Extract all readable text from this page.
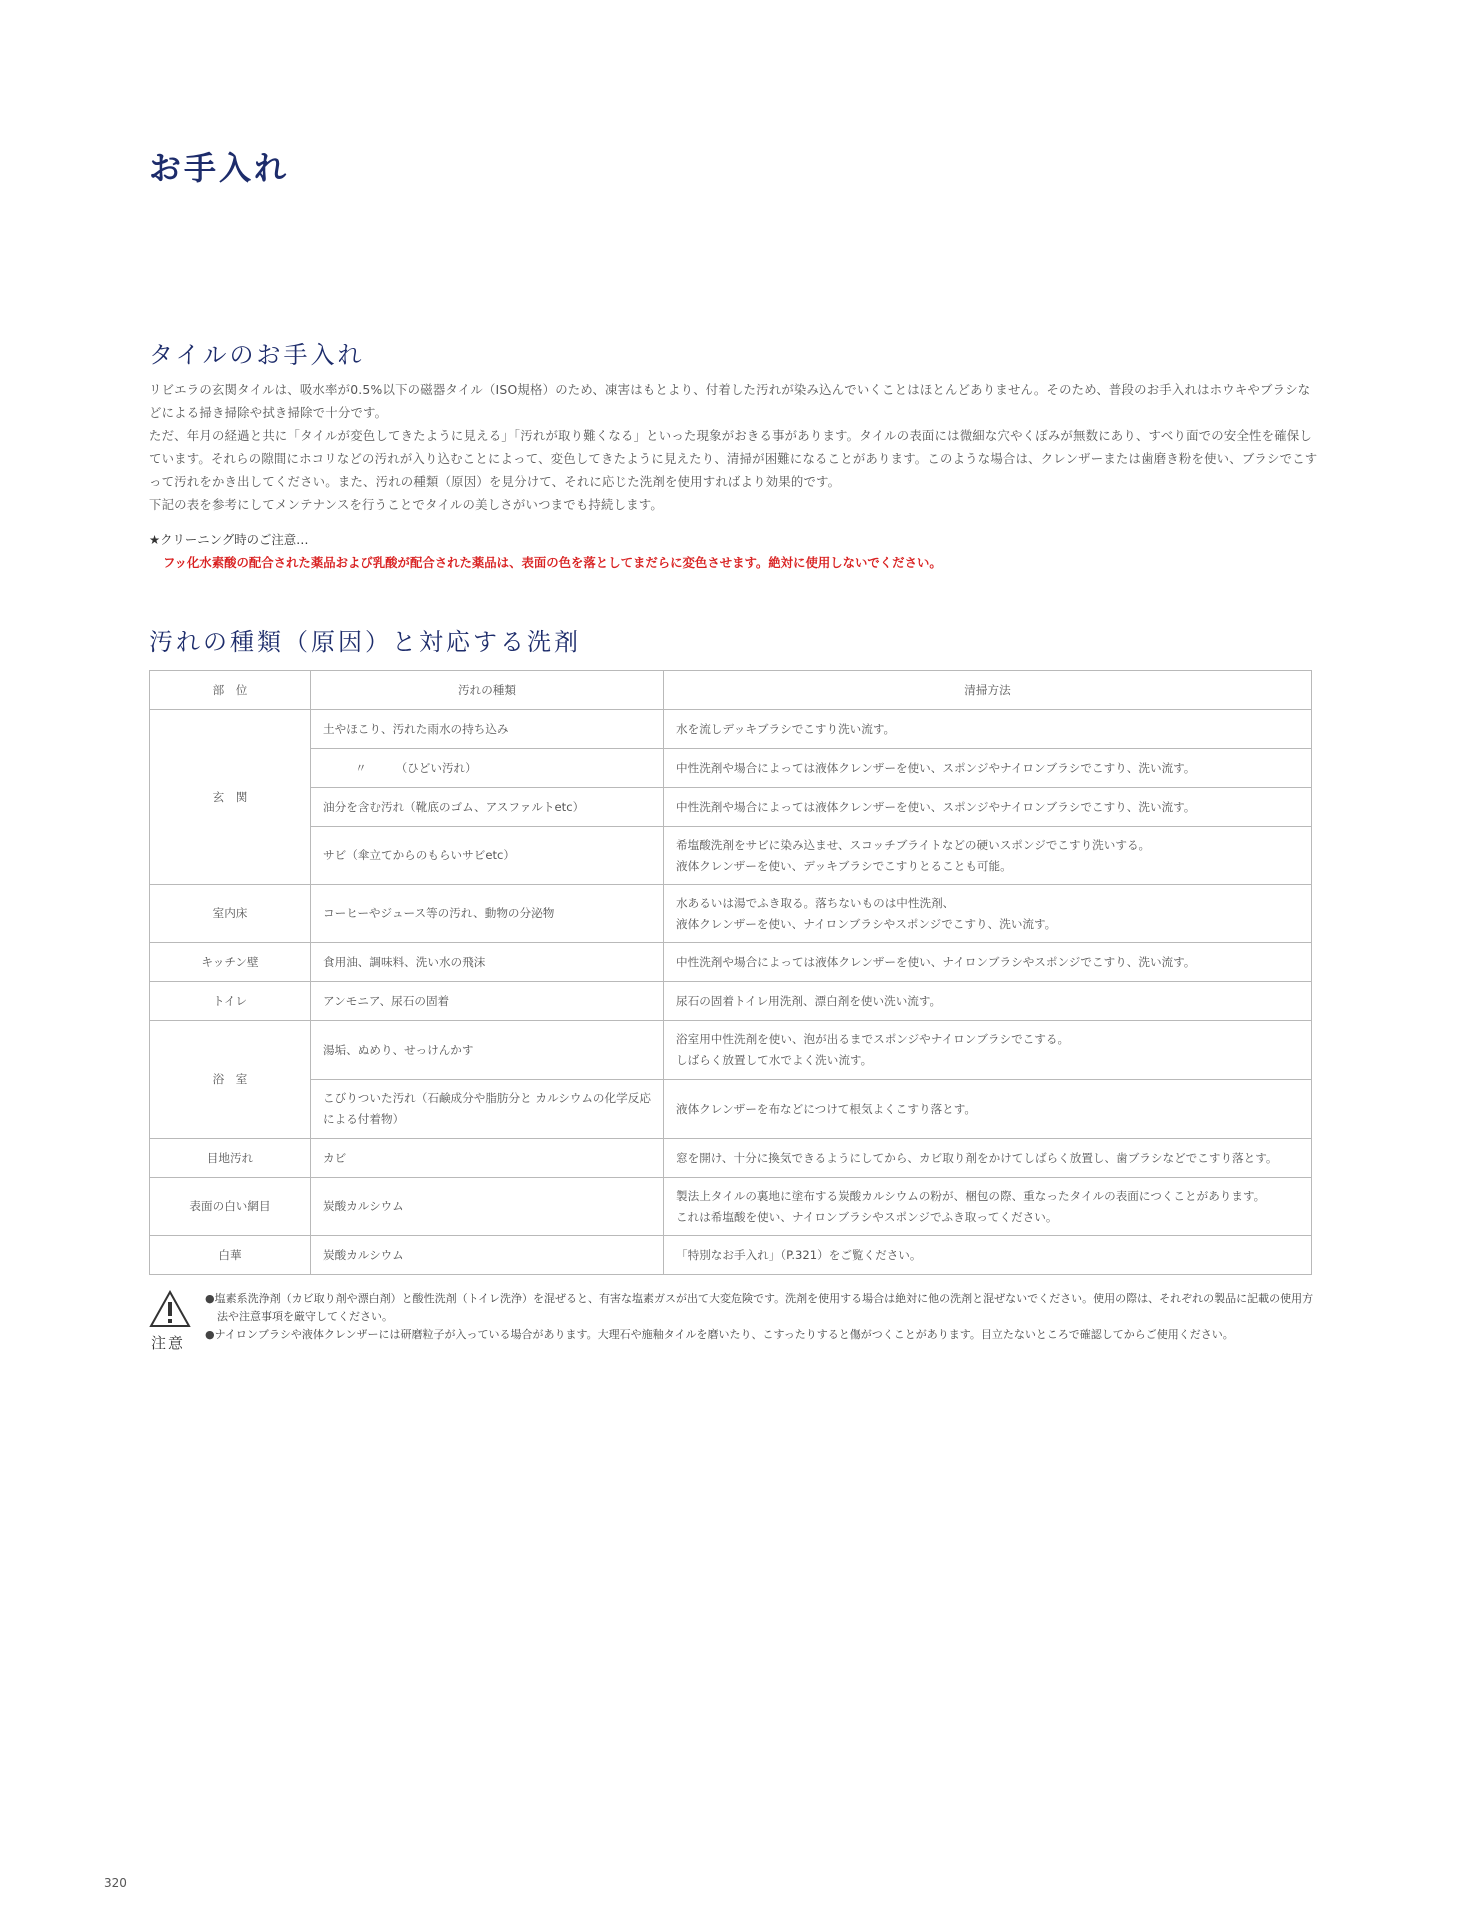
お手入れ
タイルのお手入れ

リビエラの玄関タイルは、吸水率が0.5%以下の磁器タイル（ISO規格）のため、凍害はもとより、付着した汚れが染み込んでいくことはほとんどありません。そのため、普段のお手入れはホウキやブラシなどによる掃き掃除や拭き掃除で十分です。

ただ、年月の経過と共に「タイルが変色してきたように見える」「汚れが取り難くなる」といった現象がおきる事があります。タイルの表面には微細な穴やくぼみが無数にあり、すべり面での安全性を確保しています。それらの隙間にホコリなどの汚れが入り込むことによって、変色してきたように見えたり、清掃が困難になることがあります。このような場合は、クレンザーまたは歯磨き粉を使い、ブラシでこすって汚れをかき出してください。また、汚れの種類（原因）を見分けて、それに応じた洗剤を使用すればより効果的です。

下記の表を参考にしてメンテナンスを行うことでタイルの美しさがいつまでも持続します。

★クリーニング時のご注意…
フッ化水素酸の配合された薬品および乳酸が配合された薬品は、表面の色を落としてまだらに変色させます。絶対に使用しないでください。
汚れの種類（原因）と対応する洗剤
部　位	汚れの種類	清掃方法
玄　関	土やほこり、汚れた雨水の持ち込み	水を流しデッキブラシでこすり洗い流す。

	〃　　　（ひどい汚れ）	中性洗剤や場合によっては液体クレンザーを使い、スポンジやナイロンブラシでこすり、洗い流す。

	油分を含む汚れ（靴底のゴム、アスファルトetc）	中性洗剤や場合によっては液体クレンザーを使い、スポンジやナイロンブラシでこすり、洗い流す。

	サビ（傘立てからのもらいサビetc）	希塩酸洗剤をサビに染み込ませ、スコッチブライトなどの硬いスポンジでこすり洗いする。
液体クレンザーを使い、デッキブラシでこすりとることも可能。

室内床	コーヒーやジュース等の汚れ、動物の分泌物	水あるいは湯でふき取る。落ちないものは中性洗剤、
液体クレンザーを使い、ナイロンブラシやスポンジでこすり、洗い流す。

キッチン壁	食用油、調味料、洗い水の飛沫	中性洗剤や場合によっては液体クレンザーを使い、ナイロンブラシやスポンジでこすり、洗い流す。

トイレ	アンモニア、尿石の固着	尿石の固着トイレ用洗剤、漂白剤を使い洗い流す。

浴　室	湯垢、ぬめり、せっけんかす	浴室用中性洗剤を使い、泡が出るまでスポンジやナイロンブラシでこする。
しばらく放置して水でよく洗い流す。

	こびりついた汚れ（石鹸成分や脂肪分と カルシウムの化学反応による付着物）	液体クレンザーを布などにつけて根気よくこすり落とす。

目地汚れ	カビ	窓を開け、十分に換気できるようにしてから、カビ取り剤をかけてしばらく放置し、歯ブラシなどでこすり落とす。

表面の白い網目	炭酸カルシウム	製法上タイルの裏地に塗布する炭酸カルシウムの粉が、梱包の際、重なったタイルの表面につくことがあります。
これは希塩酸を使い、ナイロンブラシやスポンジでふき取ってください。

白華	炭酸カルシウム	「特別なお手入れ」（P.321）をご覧ください。
注意
●塩素系洗浄剤（カビ取り剤や漂白剤）と酸性洗剤（トイレ洗浄）を混ぜると、有害な塩素ガスが出て大変危険です。洗剤を使用する場合は絶対に他の洗剤と混ぜないでください。使用の際は、それぞれの製品に記載の使用方法や注意事項を厳守してください。
●ナイロンブラシや液体クレンザーには研磨粒子が入っている場合があります。大理石や施釉タイルを磨いたり、こすったりすると傷がつくことがあります。目立たないところで確認してからご使用ください。
320
